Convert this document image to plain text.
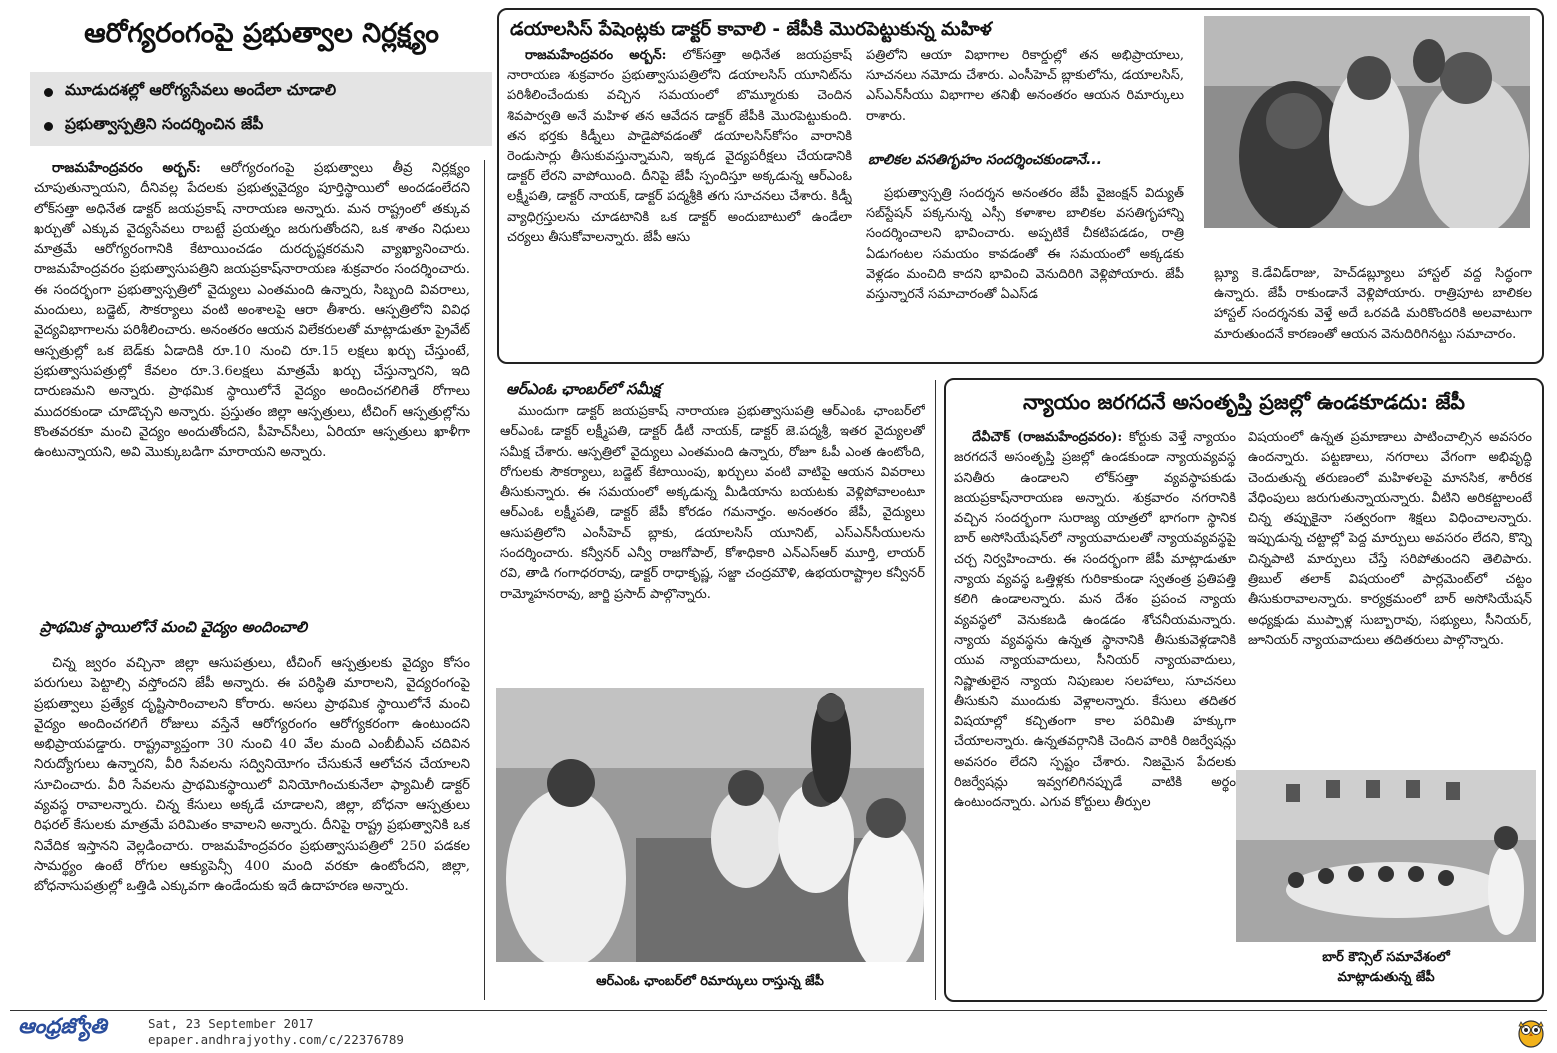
ఆరోగ్యరంగంపై ప్రభుత్వాల నిర్లక్ష్యం
మూడుదశల్లో ఆరోగ్యసేవలు అందేలా చూడాలి
ప్రభుత్వాస్పత్రిని సందర్శించిన జేపీ

రాజమహేంద్రవరం అర్బన్: ఆరోగ్యరంగంపై ప్రభుత్వాలు తీవ్ర నిర్లక్ష్యం చూపుతున్నాయని, దీనివల్ల పేదలకు ప్రభుత్వవైద్యం పూర్తిస్థాయిలో అందడంలేదని లోక్‌సత్తా అధినేత డాక్టర్ జయప్రకాష్ నారాయణ అన్నారు. మన రాష్ట్రంలో తక్కువ ఖర్చుతో ఎక్కువ వైద్యసేవలు రాబట్టే ప్రయత్నం జరుగుతోందని, ఒక శాతం నిధులు మాత్రమే ఆరోగ్యరంగానికి కేటాయించడం దురదృష్టకరమని వ్యాఖ్యానించారు. రాజమహేంద్రవరం ప్రభుత్వాసుపత్రిని జయప్రకాష్‌నారాయణ శుక్రవారం సందర్శించారు. ఈ సందర్భంగా ప్రభుత్వాస్పత్రిలో వైద్యులు ఎంతమంది ఉన్నారు, సిబ్బంది వివరాలు, మందులు, బడ్జెట్, సౌకర్యాలు వంటి అంశాలపై ఆరా తీశారు. ఆస్పత్రిలోని వివిధ వైద్యవిభాగాలను పరిశీలించారు. అనంతరం ఆయన విలేకరులతో మాట్లాడుతూ ప్రైవేట్ ఆస్పత్రుల్లో ఒక బెడ్‌కు ఏడాదికి రూ.10 నుంచి రూ.15 లక్షలు ఖర్చు చేస్తుంటే, ప్రభుత్వాసుపత్రుల్లో కేవలం రూ.3.6లక్షలు మాత్రమే ఖర్చు చేస్తున్నారని, ఇది దారుణమని అన్నారు. ప్రాథమిక స్థాయిలోనే వైద్యం అందించగలిగితే రోగాలు ముదరకుండా చూడొచ్చని అన్నారు. ప్రస్తుతం జిల్లా ఆస్పత్రులు, టీచింగ్ ఆస్పత్రుల్లోను కొంతవరకూ మంచి వైద్యం అందుతోందని, పీహెచ్‌సీలు, ఏరియా ఆస్పత్రులు ఖాళీగా ఉంటున్నాయని, అవి మొక్కుబడిగా మారాయని అన్నారు.

ప్రాథమిక స్థాయిలోనే మంచి వైద్యం అందించాలి

చిన్న జ్వరం వచ్చినా జిల్లా ఆసుపత్రులు, టీచింగ్ ఆస్పత్రులకు వైద్యం కోసం పరుగులు పెట్టాల్సి వస్తోందని జేపీ అన్నారు. ఈ పరిస్థితి మారాలని, వైద్యరంగంపై ప్రభుత్వాలు ప్రత్యేక దృష్టిసారించాలని కోరారు. అసలు ప్రాథమిక స్థాయిలోనే మంచి వైద్యం అందించగలిగే రోజులు వస్తేనే ఆరోగ్యరంగం ఆరోగ్యకరంగా ఉంటుందని అభిప్రాయపడ్డారు. రాష్ట్రవ్యాప్తంగా 30 నుంచి 40 వేల మంది ఎంబీబీఎస్ చదివిన నిరుద్యోగులు ఉన్నారని, వీరి సేవలను సద్వినియోగం చేసుకునే ఆలోచన చేయాలని సూచించారు. వీరి సేవలను ప్రాథమికస్థాయిలో వినియోగించుకునేలా ఫ్యామిలీ డాక్టర్ వ్యవస్థ రావాలన్నారు. చిన్న కేసులు అక్కడే చూడాలని, జిల్లా, బోధనా ఆస్పత్రులు రిఫరల్ కేసులకు మాత్రమే పరిమితం కావాలని అన్నారు. దీనిపై రాష్ట్ర ప్రభుత్వానికి ఒక నివేదిక ఇస్తానని వెల్లడించారు. రాజమహేంద్రవరం ప్రభుత్వాసుపత్రిలో 250 పడకల సామర్థ్యం ఉంటే రోగుల ఆక్యుపెన్సీ 400 మంది వరకూ ఉంటోందని, జిల్లా, బోధనాసుపత్రుల్లో ఒత్తిడి ఎక్కువగా ఉండేందుకు ఇదే ఉదాహరణ అన్నారు.

డయాలసిస్ పేషెంట్లకు డాక్టర్ కావాలి - జేపీకి మొరపెట్టుకున్న మహిళ

రాజమహేంద్రవరం అర్బన్: లోక్‌సత్తా అధినేత జయప్రకాష్ నారాయణ శుక్రవారం ప్రభుత్వాసుపత్రిలోని డయాలసిస్ యూనిట్‌ను పరిశీలించేందుకు వచ్చిన సమయంలో బొమ్మూరుకు చెందిన శివపార్వతి అనే మహిళ తన ఆవేదన డాక్టర్ జేపీకి మొరపెట్టుకుంది. తన భర్తకు కిడ్నీలు పాడైపోవడంతో డయాలసిస్‌కోసం వారానికి రెండుసార్లు తీసుకువస్తున్నామని, ఇక్కడ వైద్యపరీక్షలు చేయడానికి డాక్టర్ లేరని వాపోయింది. దీనిపై జేపీ స్పందిస్తూ అక్కడున్న ఆర్ఎంఓ లక్ష్మీపతి, డాక్టర్ నాయక్, డాక్టర్ పద్మశ్రీకి తగు సూచనలు చేశారు. కిడ్నీ వ్యాధిగ్రస్తులను చూడటానికి ఒక డాక్టర్ అందుబాటులో ఉండేలా చర్యలు తీసుకోవాలన్నారు. జేపీ ఆసు

పత్రిలోని ఆయా విభాగాల రికార్డుల్లో తన అభిప్రాయాలు, సూచనలు నమోదు చేశారు. ఎంసీహెచ్ బ్లాకులోను, డయాలసిస్, ఎస్ఎన్‌సీయు విభాగాల తనిఖీ అనంతరం ఆయన రిమార్కులు రాశారు.

బాలికల వసతిగృహం సందర్శించకుండానే...

ప్రభుత్వాస్పత్రి సందర్శన అనంతరం జేపీ వైజంక్షన్ విద్యుత్ సబ్‌స్టేషన్ పక్కనున్న ఎస్సీ కళాశాల బాలికల వసతిగృహాన్ని సందర్శించాలని భావించారు. అప్పటికే చీకటిపడడం, రాత్రి ఏడుగంటల సమయం కావడంతో ఈ సమయంలో అక్కడకు వెళ్లడం మంచిది కాదని భావించి వెనుదిరిగి వెళ్లిపోయారు. జేపీ వస్తున్నారనే సమాచారంతో ఏఎస్‌డ

బ్ల్యూ కె.డేవిడ్‌రాజు, హెచ్‌డబ్ల్యూలు హాస్టల్ వద్ద సిద్ధంగా ఉన్నారు. జేపీ రాకుండానే వెళ్లిపోయారు. రాత్రిపూట బాలికల హాస్టల్ సందర్శనకు వెళ్తే అదే ఒరవడి మరికొందరికి అలవాటుగా మారుతుందనే కారణంతో ఆయన వెనుదిరిగినట్టు సమాచారం.

ఆర్ఎంఓ ఛాంబర్‌లో సమీక్ష

ముందుగా డాక్టర్ జయప్రకాష్ నారాయణ ప్రభుత్వాసుపత్రి ఆర్ఎంఓ ఛాంబర్‌లో ఆర్ఎంఓ డాక్టర్ లక్ష్మీపతి, డాక్టర్ డీటీ నాయక్, డాక్టర్ జె.పద్మశ్రీ, ఇతర వైద్యులతో సమీక్ష చేశారు. ఆస్పత్రిలో వైద్యులు ఎంతమంది ఉన్నారు, రోజూ ఓపీ ఎంత ఉంటోంది, రోగులకు సౌకర్యాలు, బడ్జెట్ కేటాయింపు, ఖర్చులు వంటి వాటిపై ఆయన వివరాలు తీసుకున్నారు. ఈ సమయంలో అక్కడున్న మీడియాను బయటకు వెళ్లిపోవాలంటూ ఆర్ఎంఓ లక్ష్మీపతి, డాక్టర్ జేపీ కోరడం గమనార్హం. అనంతరం జేపీ, వైద్యులు ఆసుపత్రిలోని ఎంసీహెచ్ బ్లాకు, డయాలసిస్ యూనిట్, ఎస్ఎన్‌సీయులను సందర్శించారు. కన్వీనర్ ఎన్వీ రాజగోపాల్, కోశాధికారి ఎన్ఎస్ఆర్ మూర్తి, లాయర్ రవి, తాడి గంగాధరరావు, డాక్టర్ రాధాకృష్ణ, సజ్జా చంద్రమౌళి, ఉభయరాష్ట్రాల కన్వీనర్ రామ్మోహనరావు, జార్జి ప్రసాద్ పాల్గొన్నారు.

ఆర్ఎంఓ ఛాంబర్‌లో రిమార్కులు రాస్తున్న జేపీ
న్యాయం జరగదనే అసంతృప్తి ప్రజల్లో ఉండకూడదు: జేపీ

దేవీచౌక్ (రాజమహేంద్రవరం): కోర్టుకు వెళ్తే న్యాయం జరగదనే అసంతృప్తి ప్రజల్లో ఉండకుండా న్యాయవ్యవస్థ పనితీరు ఉండాలని లోక్‌సత్తా వ్యవస్థాపకుడు జయప్రకాష్‌నారాయణ అన్నారు. శుక్రవారం నగరానికి వచ్చిన సందర్భంగా సురాజ్య యాత్రలో భాగంగా స్థానిక బార్ అసోసియేషన్‌లో న్యాయవాదులతో న్యాయవ్యవస్థపై చర్చ నిర్వహించారు. ఈ సందర్భంగా జేపీ మాట్లాడుతూ న్యాయ వ్యవస్థ ఒత్తిళ్లకు గురికాకుండా స్వతంత్ర ప్రతిపత్తి కలిగి ఉండాలన్నారు. మన దేశం ప్రపంచ న్యాయ వ్యవస్థలో వెనుకబడి ఉండడం శోచనీయమన్నారు. న్యాయ వ్యవస్థను ఉన్నత స్థానానికి తీసుకువెళ్లడానికి యువ న్యాయవాదులు, సీనియర్ న్యాయవాదులు, నిష్ణాతులైన న్యాయ నిపుణుల సలహాలు, సూచనలు తీసుకుని ముందుకు వెళ్లాలన్నారు. కేసులు తదితర విషయాల్లో కచ్చితంగా కాల పరిమితి హక్కుగా చేయాలన్నారు. ఉన్నతవర్గానికి చెందిన వారికి రిజర్వేషన్లు అవసరం లేదని స్పష్టం చేశారు. నిజమైన పేదలకు రిజర్వేషన్లు ఇవ్వగలిగినప్పుడే వాటికి అర్థం ఉంటుందన్నారు. ఎగువ కోర్టులు తీర్పుల

విషయంలో ఉన్నత ప్రమాణాలు పాటించాల్సిన అవసరం ఉందన్నారు. పట్టణాలు, నగరాలు వేగంగా అభివృద్ధి చెందుతున్న తరుణంలో మహిళలపై మానసిక, శారీరక వేధింపులు జరుగుతున్నాయన్నారు. వీటిని అరికట్టాలంటే చిన్న తప్పుకైనా సత్వరంగా శిక్షలు విధించాలన్నారు. ఇప్పుడున్న చట్టాల్లో పెద్ద మార్పులు అవసరం లేదని, కొన్ని చిన్నపాటి మార్పులు చేస్తే సరిపోతుందని తెలిపారు. త్రిబుల్ తలాక్ విషయంలో పార్లమెంట్‌లో చట్టం తీసుకురావాలన్నారు. కార్యక్రమంలో బార్ అసోసియేషన్ అధ్యక్షుడు ముప్పాళ్ల సుబ్బారావు, సభ్యులు, సీనియర్, జూనియర్ న్యాయవాదులు తదితరులు పాల్గొన్నారు.

బార్ కౌన్సిల్ సమావేశంలో
మాట్లాడుతున్న జేపీ
ఆంధ్రజ్యోతి	Sat, 23 September 2017
epaper.andhrajyothy.com/c/22376789
